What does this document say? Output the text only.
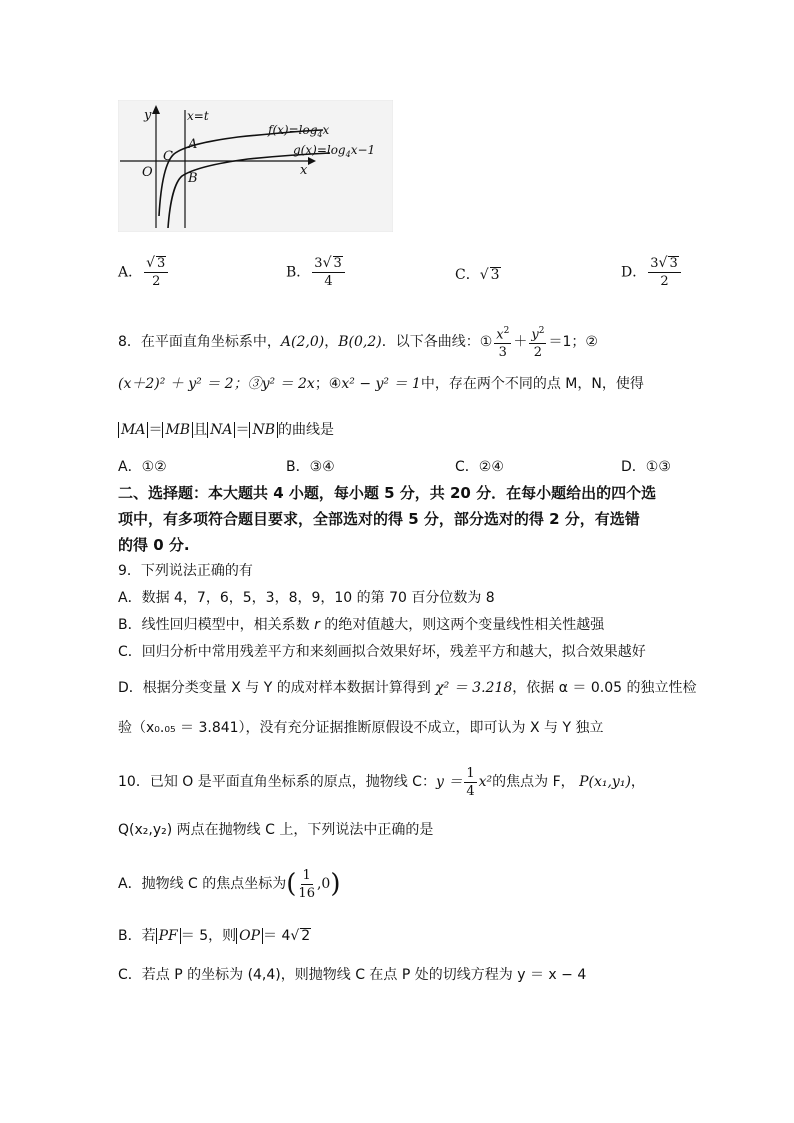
y	x=t
x
O
C
A
B
$f(x)=\log_4x$
$g(x)=\log_4x-1$
A． $\frac{√ 3}{2}$	B． $\frac{3√ 3}{4}$	C．√ 3	D． $\frac{3√ 3}{2}$
8．在平面直角坐标系中，A(2,0)，B(0,2)．以下各曲线：① $\frac{x^2}{3} + \frac{y^2}{2} =1$；②
(x＋2)² ＋ y² ＝ 2；③y² ＝ 2x；④x² − y² ＝ 1中，存在两个不同的点 M，N，使得
MA ＝ MB 且 NA ＝ NB 的曲线是
A．①②	B．③④	C．②④	D．①③
二、选择题：本大题共 4 小题，每小题 5 分，共 20 分．在每小题给出的四个选
项中，有多项符合题目要求，全部选对的得 5 分，部分选对的得 2 分，有选错
的得 0 分.
9．下列说法正确的有
A．数据 4，7，6，5，3，8，9，10 的第 70 百分位数为 8
B．线性回归模型中，相关系数 r 的绝对值越大，则这两个变量线性相关性越强
C．回归分析中常用残差平方和来刻画拟合效果好坏，残差平方和越大，拟合效果越好
D．根据分类变量 X 与 Y 的成对样本数据计算得到 χ² ＝ 3.218，依据 α ＝ 0.05 的独立性检
验（x₀.₀₅ ＝ 3.841），没有充分证据推断原假设不成立，即可认为 X 与 Y 独立
10．已知 O 是平面直角坐标系的原点，抛物线 C：$y = \frac{1}{4} x^2$的焦点为 F， P(x₁,y₁)，
Q(x₂,y₂) 两点在抛物线 C 上，下列说法中正确的是
A．抛物线 C 的焦点坐标为( $\frac{1}{16} ,0$)
B．若 PF ＝ 5，则 OP ＝ 4√ 2
C．若点 P 的坐标为 (4,4)，则抛物线 C 在点 P 处的切线方程为 y ＝ x − 4
